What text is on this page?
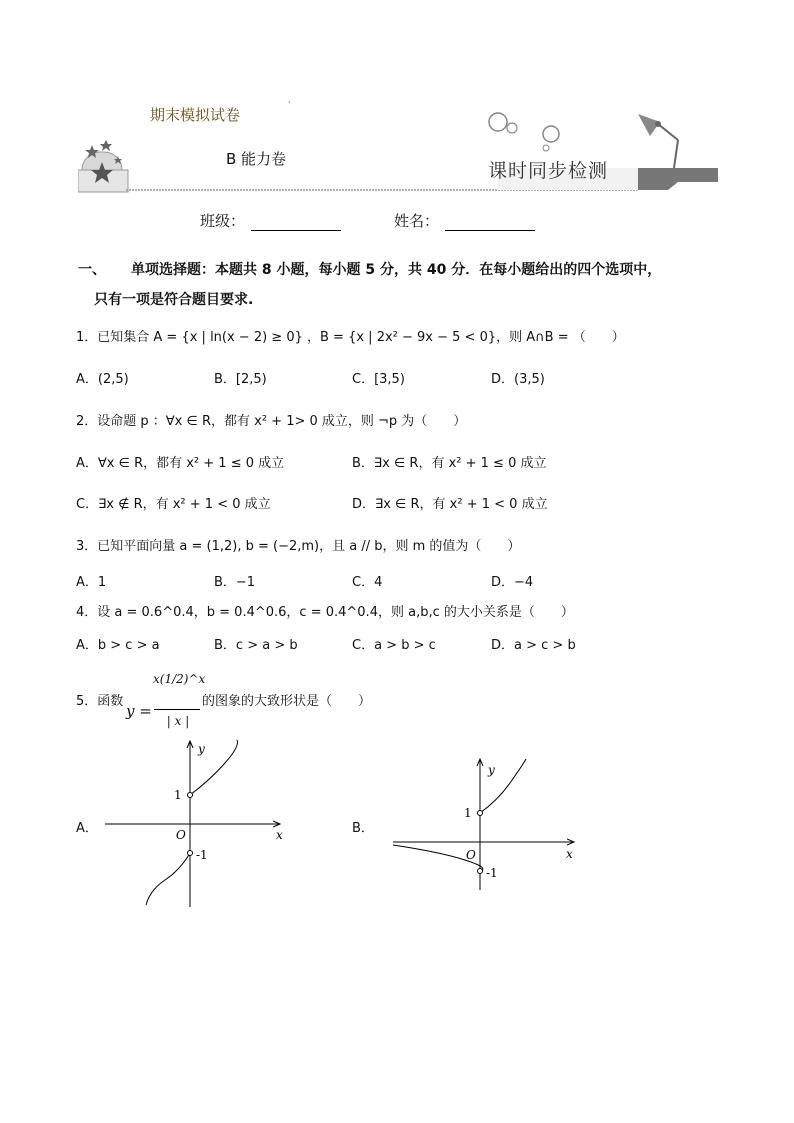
期末模拟试卷
·
B 能力卷
课时同步检测
班级：	姓名：
一、 单项选择题：本题共 8 小题，每小题 5 分，共 40 分．在每小题给出的四个选项中，
只有一项是符合题目要求.
1．已知集合 A = {x | ln(x − 2) ≥ 0} ，B = {x | 2x² − 9x − 5 < 0}，则 A∩B = （　　）
A．(2,5)	B．[2,5)	C．[3,5)	D．(3,5)
2．设命题 p ：∀x ∈ R，都有 x² + 1> 0 成立，则 ¬p 为（　　）
A．∀x ∈ R，都有 x² + 1 ≤ 0 成立	B．∃x ∈ R，有 x² + 1 ≤ 0 成立
C．∃x ∉ R，有 x² + 1 < 0 成立	D．∃x ∈ R，有 x² + 1 < 0 成立
3．已知平面向量 a = (1,2), b = (−2,m)，且 a // b，则 m 的值为（　　）
A．1	B．−1	C．4	D．−4
4．设 a = 0.6^0.4，b = 0.4^0.6，c = 0.4^0.4，则 a,b,c 的大小关系是（　　）
A．b > c > a	B．c > a > b	C．a > b > c	D．a > c > b
5．函数
y =
x(1/2)^x
| x |
的图象的大致形状是（　　）
A．	B．
y
x
O
1
-1
y
x
O
1
-1
